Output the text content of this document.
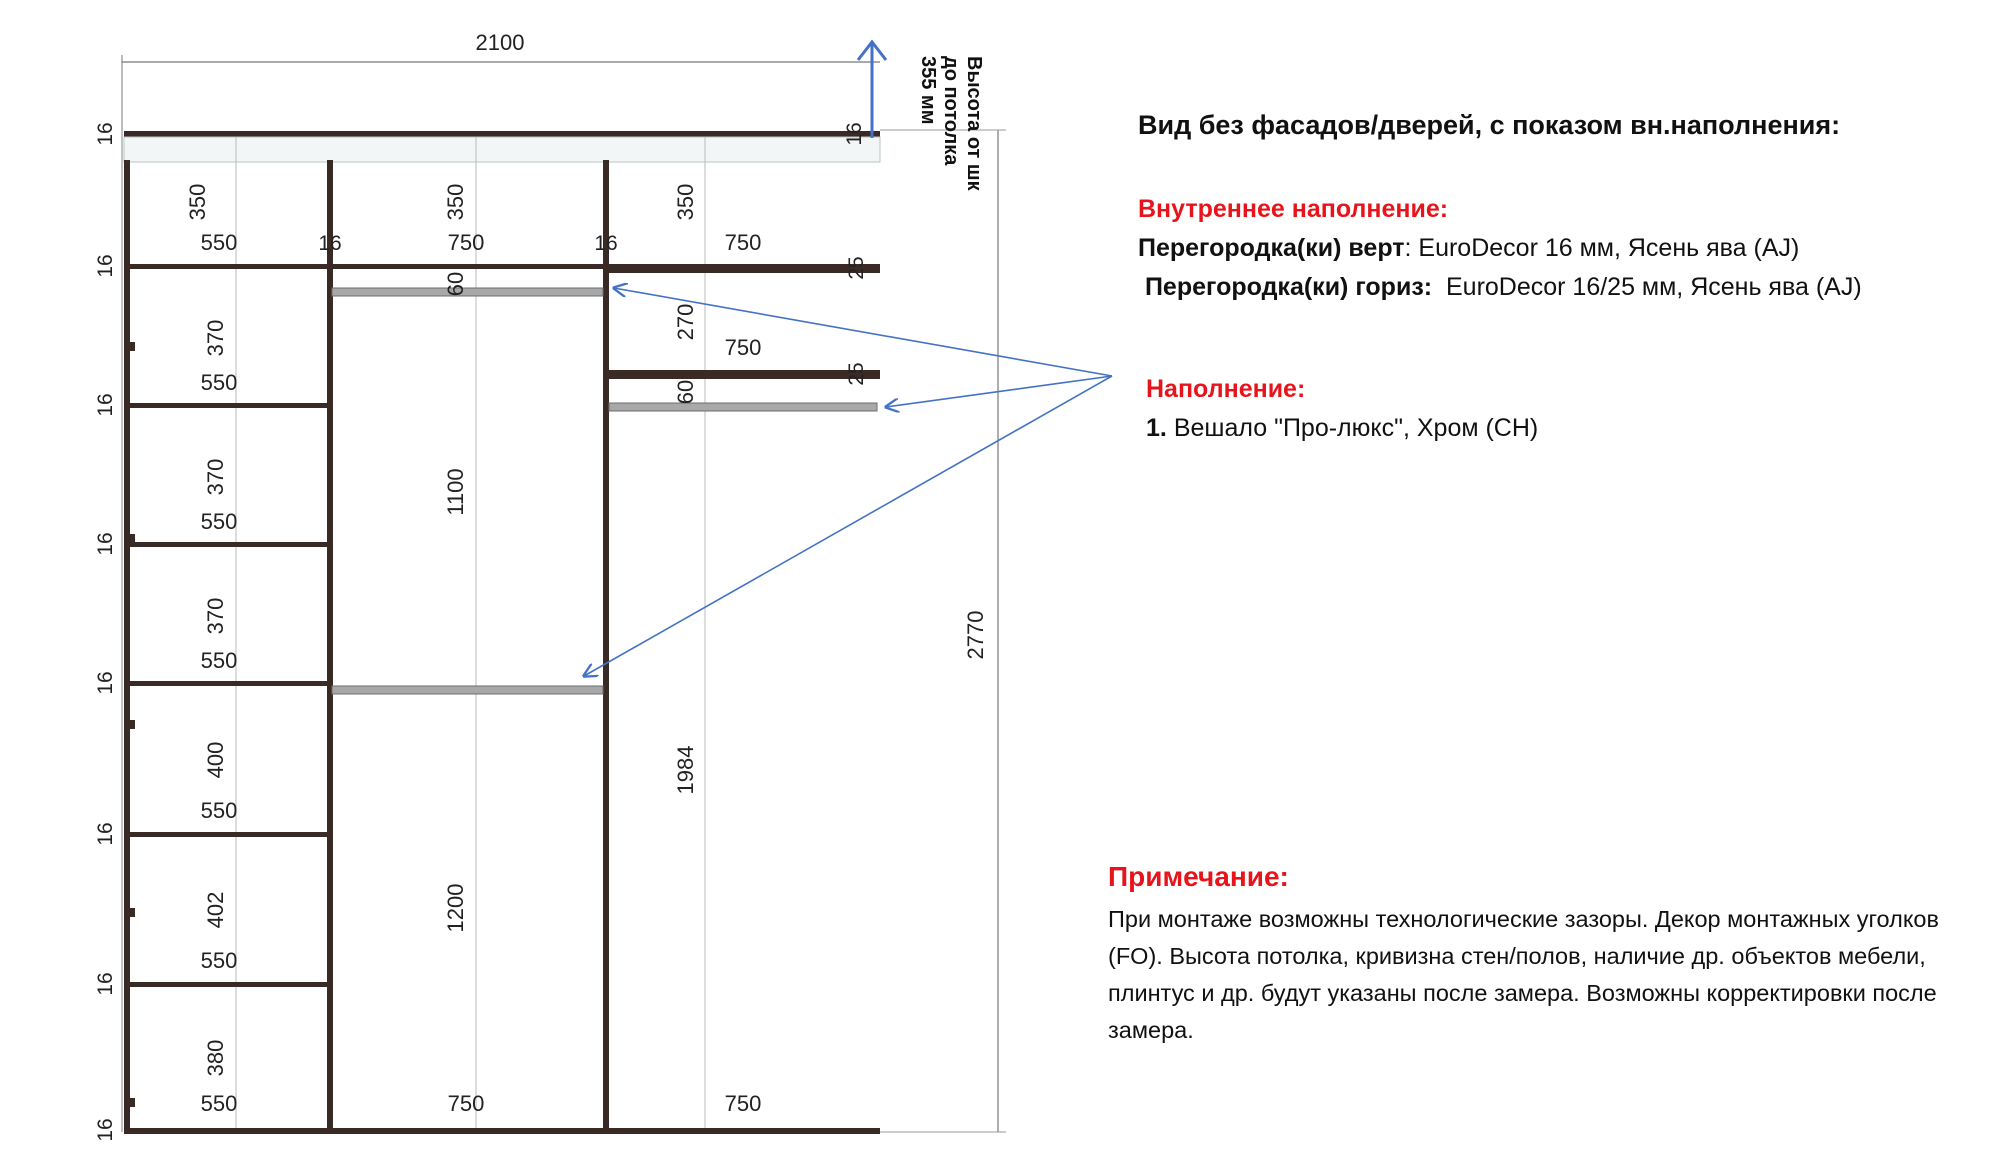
2100
2770
Высота от шк
до потолка
355 мм
16
16
16
16
16
16
16
16
350
370
370
370
400
402
380
550
550
550
550
550
550
550
16	16
16
350
750
60
1100
1200
750
350
750
25
270
750
25
60
1984
750
Вид без фасадов/дверей, с показом вн.наполнения:
Внутреннее наполнение:
Перегородка(ки) верт: EuroDecor 16 мм, Ясень ява (AJ)
Перегородка(ки) гориз: EuroDecor 16/25 мм, Ясень ява (AJ)
Наполнение:
1. Вешало "Про-люкс", Хром (CH)
Примечание:
При монтаже возможны технологические зазоры. Декор монтажных уголков (FO). Высота потолка, кривизна стен/полов, наличие др. объектов мебели, плинтус и др. будут указаны после замера. Возможны корректировки после замера.
